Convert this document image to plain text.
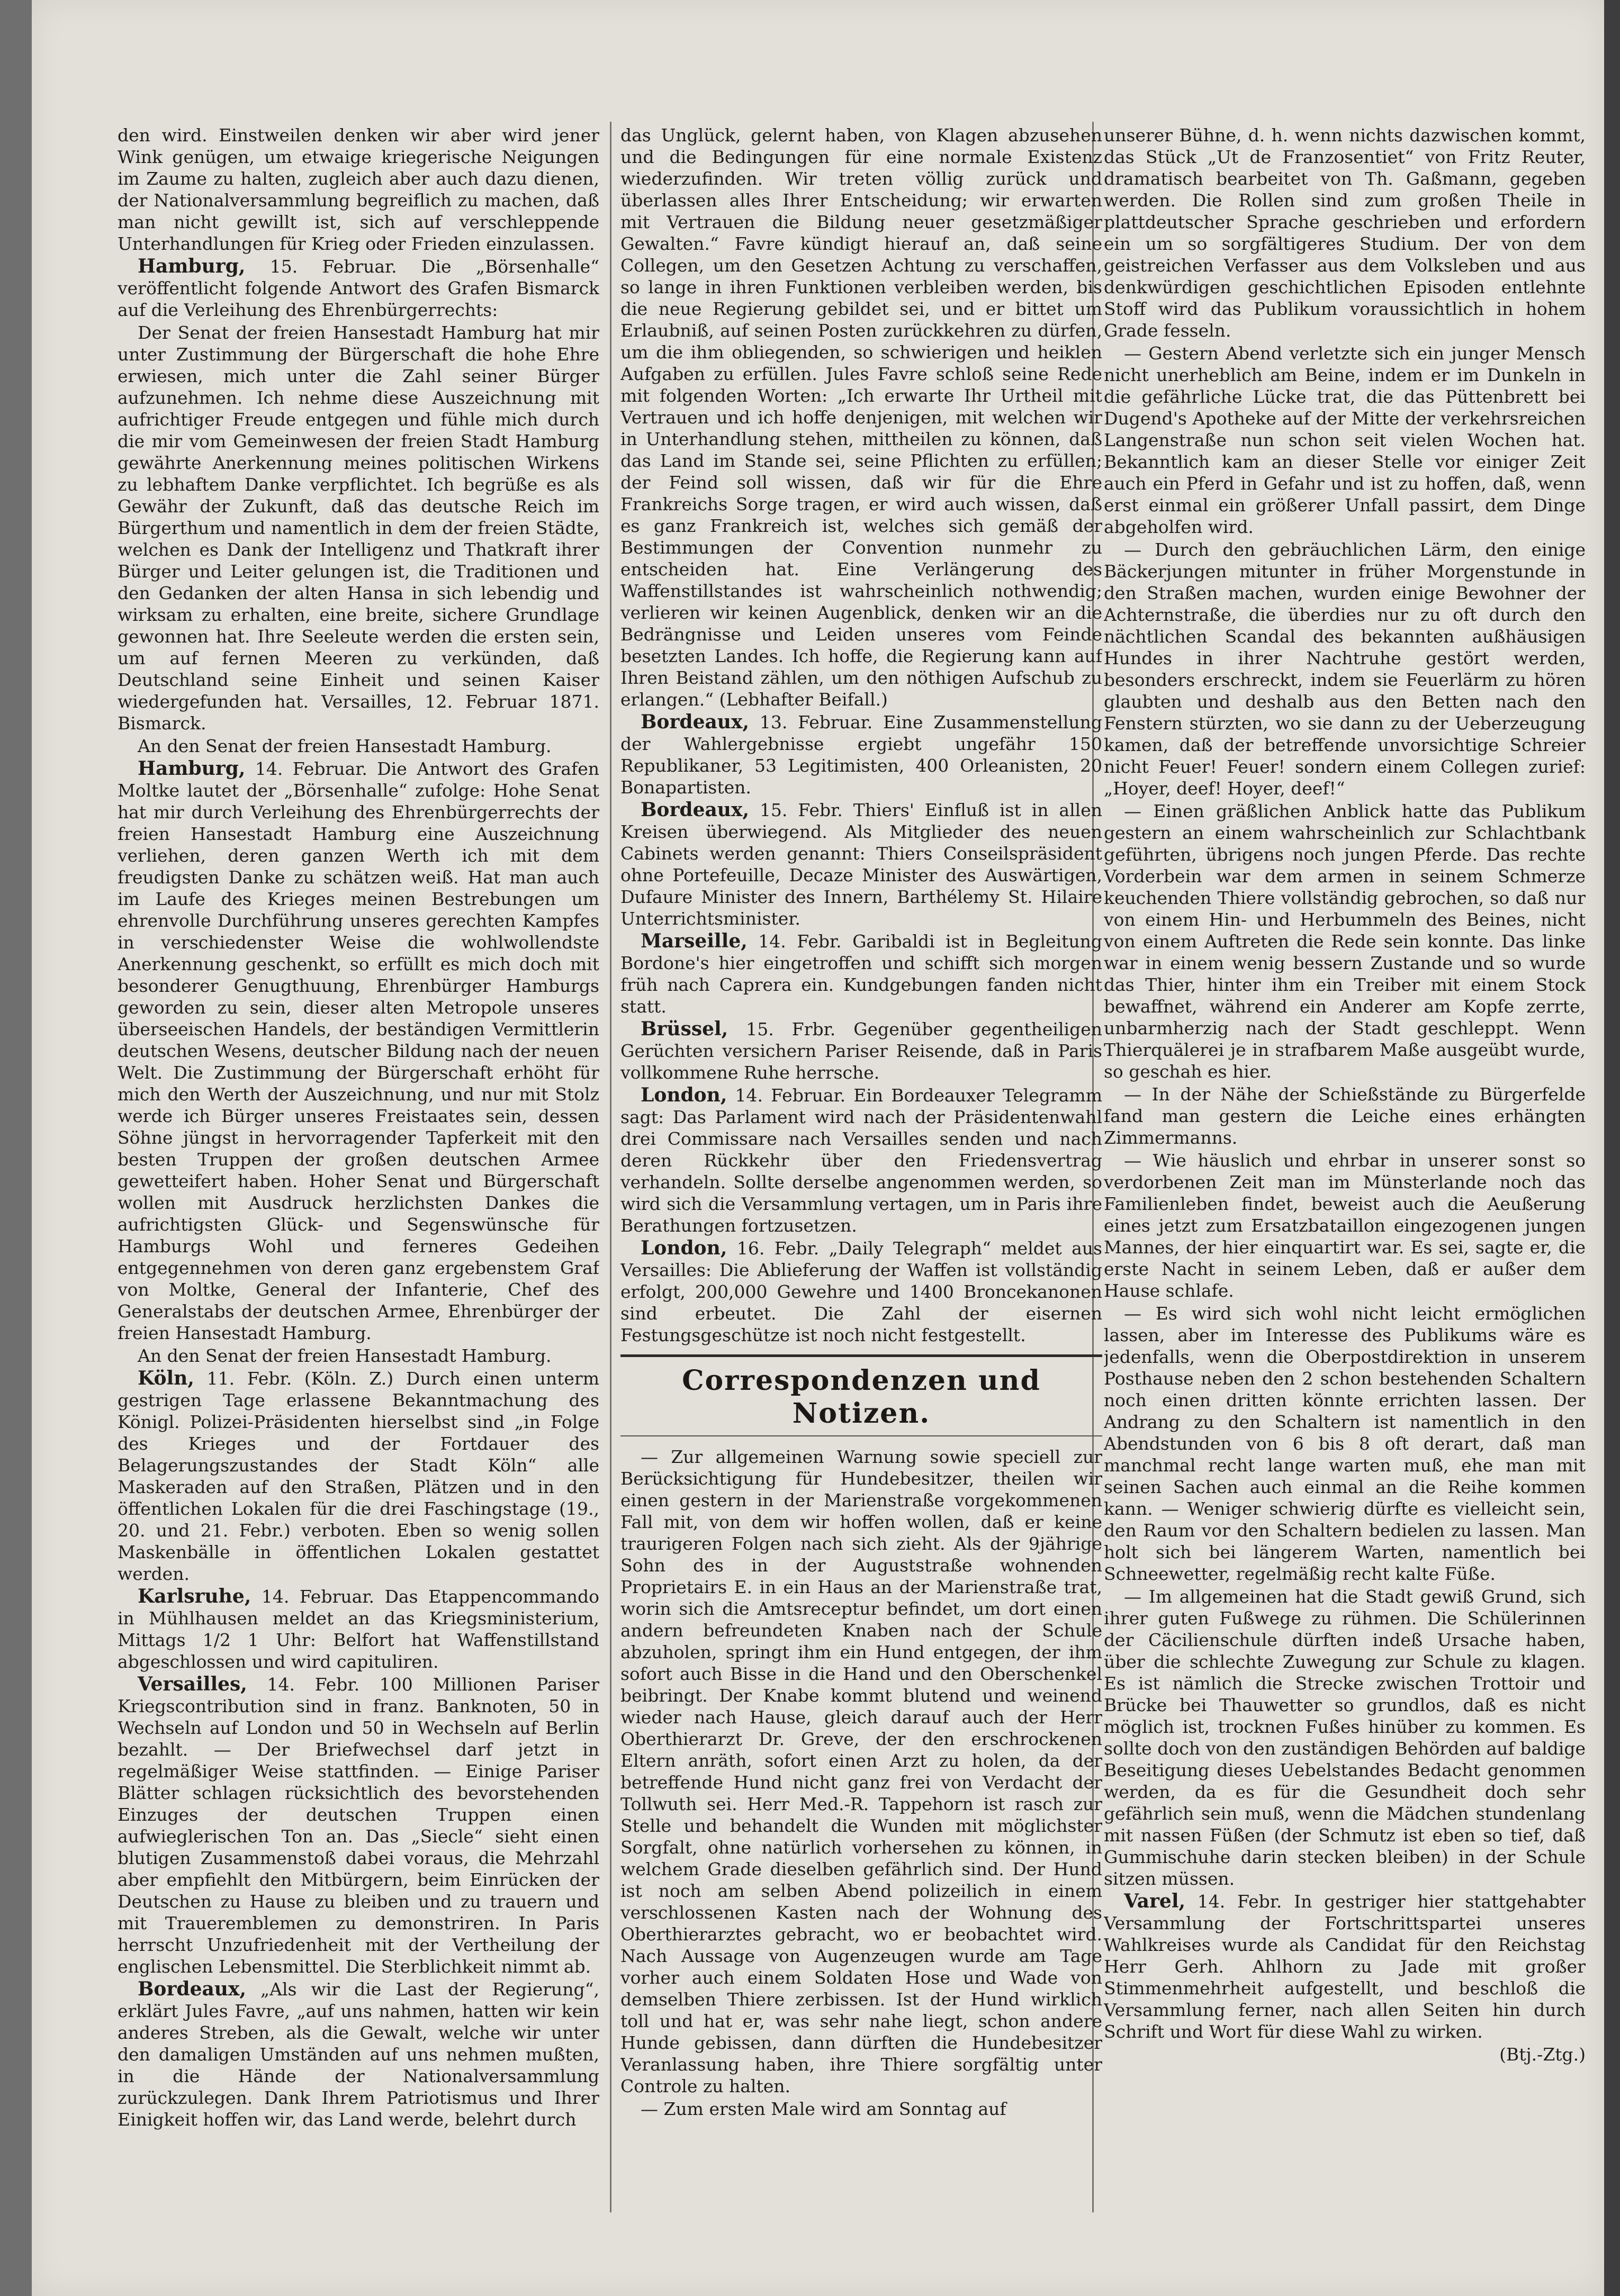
den wird. Einstweilen denken wir aber wird jener Wink genügen, um etwaige kriegerische Neigungen im Zaume zu halten, zugleich aber auch dazu dienen, der Nationalversammlung begreiflich zu machen, daß man nicht gewillt ist, sich auf verschleppende Unterhandlungen für Krieg oder Frieden einzulassen.

Hamburg, 15. Februar. Die „Börsenhalle“ veröffentlicht folgende Antwort des Grafen Bismarck auf die Verleihung des Ehrenbürgerrechts:

Der Senat der freien Hansestadt Hamburg hat mir unter Zustimmung der Bürgerschaft die hohe Ehre erwiesen, mich unter die Zahl seiner Bürger aufzunehmen. Ich nehme diese Auszeichnung mit aufrichtiger Freude entgegen und fühle mich durch die mir vom Gemeinwesen der freien Stadt Hamburg gewährte Anerkennung meines politischen Wirkens zu lebhaftem Danke verpflichtet. Ich begrüße es als Gewähr der Zukunft, daß das deutsche Reich im Bürgerthum und namentlich in dem der freien Städte, welchen es Dank der Intelligenz und Thatkraft ihrer Bürger und Leiter gelungen ist, die Traditionen und den Gedanken der alten Hansa in sich lebendig und wirksam zu erhalten, eine breite, sichere Grundlage gewonnen hat. Ihre Seeleute werden die ersten sein, um auf fernen Meeren zu verkünden, daß Deutschland seine Einheit und seinen Kaiser wiedergefunden hat. Versailles, 12. Februar 1871. Bismarck.

An den Senat der freien Hansestadt Hamburg.

Hamburg, 14. Februar. Die Antwort des Grafen Moltke lautet der „Börsenhalle“ zufolge: Hohe Senat hat mir durch Verleihung des Ehrenbürgerrechts der freien Hansestadt Hamburg eine Auszeichnung verliehen, deren ganzen Werth ich mit dem freudigsten Danke zu schätzen weiß. Hat man auch im Laufe des Krieges meinen Bestrebungen um ehrenvolle Durchführung unseres gerechten Kampfes in verschiedenster Weise die wohlwollendste Anerkennung geschenkt, so erfüllt es mich doch mit besonderer Genugthuung, Ehrenbürger Hamburgs geworden zu sein, dieser alten Metropole unseres überseeischen Handels, der beständigen Vermittlerin deutschen Wesens, deutscher Bildung nach der neuen Welt. Die Zustimmung der Bürgerschaft erhöht für mich den Werth der Auszeichnung, und nur mit Stolz werde ich Bürger unseres Freistaates sein, dessen Söhne jüngst in hervorragender Tapferkeit mit den besten Truppen der großen deutschen Armee gewetteifert haben. Hoher Senat und Bürgerschaft wollen mit Ausdruck herzlichsten Dankes die aufrichtigsten Glück- und Segenswünsche für Hamburgs Wohl und ferneres Gedeihen entgegennehmen von deren ganz ergebenstem Graf von Moltke, General der Infanterie, Chef des Generalstabs der deutschen Armee, Ehrenbürger der freien Hansestadt Hamburg.

An den Senat der freien Hansestadt Hamburg.

Köln, 11. Febr. (Köln. Z.) Durch einen unterm gestrigen Tage erlassene Bekanntmachung des Königl. Polizei-Präsidenten hierselbst sind „in Folge des Krieges und der Fortdauer des Belagerungszustandes der Stadt Köln“ alle Maskeraden auf den Straßen, Plätzen und in den öffentlichen Lokalen für die drei Faschingstage (19., 20. und 21. Febr.) verboten. Eben so wenig sollen Maskenbälle in öffentlichen Lokalen gestattet werden.

Karlsruhe, 14. Februar. Das Etappencommando in Mühlhausen meldet an das Kriegsministerium, Mittags 1/2 1 Uhr: Belfort hat Waffenstillstand abgeschlossen und wird capituliren.

Versailles, 14. Febr. 100 Millionen Pariser Kriegscontribution sind in franz. Banknoten, 50 in Wechseln auf London und 50 in Wechseln auf Berlin bezahlt. — Der Briefwechsel darf jetzt in regelmäßiger Weise stattfinden. — Einige Pariser Blätter schlagen rücksichtlich des bevorstehenden Einzuges der deutschen Truppen einen aufwieglerischen Ton an. Das „Siecle“ sieht einen blutigen Zusammenstoß dabei voraus, die Mehrzahl aber empfiehlt den Mitbürgern, beim Einrücken der Deutschen zu Hause zu bleiben und zu trauern und mit Traueremblemen zu demonstriren. In Paris herrscht Unzufriedenheit mit der Vertheilung der englischen Lebensmittel. Die Sterblichkeit nimmt ab.

Bordeaux, „Als wir die Last der Regierung“, erklärt Jules Favre, „auf uns nahmen, hatten wir kein anderes Streben, als die Gewalt, welche wir unter den damaligen Umständen auf uns nehmen mußten, in die Hände der Nationalversammlung zurückzulegen. Dank Ihrem Patriotismus und Ihrer Einigkeit hoffen wir, das Land werde, belehrt durch

das Unglück, gelernt haben, von Klagen abzusehen und die Bedingungen für eine normale Existenz wiederzufinden. Wir treten völlig zurück und überlassen alles Ihrer Entscheidung; wir erwarten mit Vertrauen die Bildung neuer gesetzmäßiger Gewalten.“ Favre kündigt hierauf an, daß seine Collegen, um den Gesetzen Achtung zu verschaffen, so lange in ihren Funktionen verbleiben werden, bis die neue Regierung gebildet sei, und er bittet um Erlaubniß, auf seinen Posten zurückkehren zu dürfen, um die ihm obliegenden, so schwierigen und heiklen Aufgaben zu erfüllen. Jules Favre schloß seine Rede mit folgenden Worten: „Ich erwarte Ihr Urtheil mit Vertrauen und ich hoffe denjenigen, mit welchen wir in Unterhandlung stehen, mittheilen zu können, daß das Land im Stande sei, seine Pflichten zu erfüllen; der Feind soll wissen, daß wir für die Ehre Frankreichs Sorge tragen, er wird auch wissen, daß es ganz Frankreich ist, welches sich gemäß der Bestimmungen der Convention nunmehr zu entscheiden hat. Eine Verlängerung des Waffenstillstandes ist wahrscheinlich nothwendig; verlieren wir keinen Augenblick, denken wir an die Bedrängnisse und Leiden unseres vom Feinde besetzten Landes. Ich hoffe, die Regierung kann auf Ihren Beistand zählen, um den nöthigen Aufschub zu erlangen.“ (Lebhafter Beifall.)

Bordeaux, 13. Februar. Eine Zusammenstellung der Wahlergebnisse ergiebt ungefähr 150 Republikaner, 53 Legitimisten, 400 Orleanisten, 20 Bonapartisten.

Bordeaux, 15. Febr. Thiers' Einfluß ist in allen Kreisen überwiegend. Als Mitglieder des neuen Cabinets werden genannt: Thiers Conseilspräsident ohne Portefeuille, Decaze Minister des Auswärtigen, Dufaure Minister des Innern, Barthélemy St. Hilaire Unterrichtsminister.

Marseille, 14. Febr. Garibaldi ist in Begleitung Bordone's hier eingetroffen und schifft sich morgen früh nach Caprera ein. Kundgebungen fanden nicht statt.

Brüssel, 15. Frbr. Gegenüber gegentheiligen Gerüchten versichern Pariser Reisende, daß in Paris vollkommene Ruhe herrsche.

London, 14. Februar. Ein Bordeauxer Telegramm sagt: Das Parlament wird nach der Präsidentenwahl drei Commissare nach Versailles senden und nach deren Rückkehr über den Friedensvertrag verhandeln. Sollte derselbe angenommen werden, so wird sich die Versammlung vertagen, um in Paris ihre Berathungen fortzusetzen.

London, 16. Febr. „Daily Telegraph“ meldet aus Versailles: Die Ablieferung der Waffen ist vollständig erfolgt, 200,000 Gewehre und 1400 Broncekanonen sind erbeutet. Die Zahl der eisernen Festungsgeschütze ist noch nicht festgestellt.

Correspondenzen und Notizen.

— Zur allgemeinen Warnung sowie speciell zur Berücksichtigung für Hundebesitzer, theilen wir einen gestern in der Marienstraße vorgekommenen Fall mit, von dem wir hoffen wollen, daß er keine traurigeren Folgen nach sich zieht. Als der 9jährige Sohn des in der Auguststraße wohnenden Proprietairs E. in ein Haus an der Marienstraße trat, worin sich die Amtsreceptur befindet, um dort einen andern befreundeten Knaben nach der Schule abzuholen, springt ihm ein Hund entgegen, der ihm sofort auch Bisse in die Hand und den Oberschenkel beibringt. Der Knabe kommt blutend und weinend wieder nach Hause, gleich darauf auch der Herr Oberthierarzt Dr. Greve, der den erschrockenen Eltern anräth, sofort einen Arzt zu holen, da der betreffende Hund nicht ganz frei von Verdacht der Tollwuth sei. Herr Med.-R. Tappehorn ist rasch zur Stelle und behandelt die Wunden mit möglichster Sorgfalt, ohne natürlich vorhersehen zu können, in welchem Grade dieselben gefährlich sind. Der Hund ist noch am selben Abend polizeilich in einem verschlossenen Kasten nach der Wohnung des Oberthierarztes gebracht, wo er beobachtet wird. Nach Aussage von Augenzeugen wurde am Tage vorher auch einem Soldaten Hose und Wade von demselben Thiere zerbissen. Ist der Hund wirklich toll und hat er, was sehr nahe liegt, schon andere Hunde gebissen, dann dürften die Hundebesitzer Veranlassung haben, ihre Thiere sorgfältig unter Controle zu halten.

— Zum ersten Male wird am Sonntag auf

unserer Bühne, d. h. wenn nichts dazwischen kommt, das Stück „Ut de Franzosentiet“ von Fritz Reuter, dramatisch bearbeitet von Th. Gaßmann, gegeben werden. Die Rollen sind zum großen Theile in plattdeutscher Sprache geschrieben und erfordern ein um so sorgfältigeres Studium. Der von dem geistreichen Verfasser aus dem Volksleben und aus denkwürdigen geschichtlichen Episoden entlehnte Stoff wird das Publikum voraussichtlich in hohem Grade fesseln.

— Gestern Abend verletzte sich ein junger Mensch nicht unerheblich am Beine, indem er im Dunkeln in die gefährliche Lücke trat, die das Püttenbrett bei Dugend's Apotheke auf der Mitte der verkehrsreichen Langenstraße nun schon seit vielen Wochen hat. Bekanntlich kam an dieser Stelle vor einiger Zeit auch ein Pferd in Gefahr und ist zu hoffen, daß, wenn erst einmal ein größerer Unfall passirt, dem Dinge abgeholfen wird.

— Durch den gebräuchlichen Lärm, den einige Bäckerjungen mitunter in früher Morgenstunde in den Straßen machen, wurden einige Bewohner der Achternstraße, die überdies nur zu oft durch den nächtlichen Scandal des bekannten außhäusigen Hundes in ihrer Nachtruhe gestört werden, besonders erschreckt, indem sie Feuerlärm zu hören glaubten und deshalb aus den Betten nach den Fenstern stürzten, wo sie dann zu der Ueberzeugung kamen, daß der betreffende unvorsichtige Schreier nicht Feuer! Feuer! sondern einem Collegen zurief: „Hoyer, deef! Hoyer, deef!“

— Einen gräßlichen Anblick hatte das Publikum gestern an einem wahrscheinlich zur Schlachtbank geführten, übrigens noch jungen Pferde. Das rechte Vorderbein war dem armen in seinem Schmerze keuchenden Thiere vollständig gebrochen, so daß nur von einem Hin- und Herbummeln des Beines, nicht von einem Auftreten die Rede sein konnte. Das linke war in einem wenig bessern Zustande und so wurde das Thier, hinter ihm ein Treiber mit einem Stock bewaffnet, während ein Anderer am Kopfe zerrte, unbarmherzig nach der Stadt geschleppt. Wenn Thierquälerei je in strafbarem Maße ausgeübt wurde, so geschah es hier.

— In der Nähe der Schießstände zu Bürgerfelde fand man gestern die Leiche eines erhängten Zimmermanns.

— Wie häuslich und ehrbar in unserer sonst so verdorbenen Zeit man im Münsterlande noch das Familienleben findet, beweist auch die Aeußerung eines jetzt zum Ersatzbataillon eingezogenen jungen Mannes, der hier einquartirt war. Es sei, sagte er, die erste Nacht in seinem Leben, daß er außer dem Hause schlafe.

— Es wird sich wohl nicht leicht ermöglichen lassen, aber im Interesse des Publikums wäre es jedenfalls, wenn die Oberpostdirektion in unserem Posthause neben den 2 schon bestehenden Schaltern noch einen dritten könnte errichten lassen. Der Andrang zu den Schaltern ist namentlich in den Abendstunden von 6 bis 8 oft derart, daß man manchmal recht lange warten muß, ehe man mit seinen Sachen auch einmal an die Reihe kommen kann. — Weniger schwierig dürfte es vielleicht sein, den Raum vor den Schaltern bedielen zu lassen. Man holt sich bei längerem Warten, namentlich bei Schneewetter, regelmäßig recht kalte Füße.

— Im allgemeinen hat die Stadt gewiß Grund, sich ihrer guten Fußwege zu rühmen. Die Schülerinnen der Cäcilienschule dürften indeß Ursache haben, über die schlechte Zuwegung zur Schule zu klagen. Es ist nämlich die Strecke zwischen Trottoir und Brücke bei Thauwetter so grundlos, daß es nicht möglich ist, trocknen Fußes hinüber zu kommen. Es sollte doch von den zuständigen Behörden auf baldige Beseitigung dieses Uebelstandes Bedacht genommen werden, da es für die Gesundheit doch sehr gefährlich sein muß, wenn die Mädchen stundenlang mit nassen Füßen (der Schmutz ist eben so tief, daß Gummischuhe darin stecken bleiben) in der Schule sitzen müssen.

Varel, 14. Febr. In gestriger hier stattgehabter Versammlung der Fortschrittspartei unseres Wahlkreises wurde als Candidat für den Reichstag Herr Gerh. Ahlhorn zu Jade mit großer Stimmenmehrheit aufgestellt, und beschloß die Versammlung ferner, nach allen Seiten hin durch Schrift und Wort für diese Wahl zu wirken.

(Btj.-Ztg.)
